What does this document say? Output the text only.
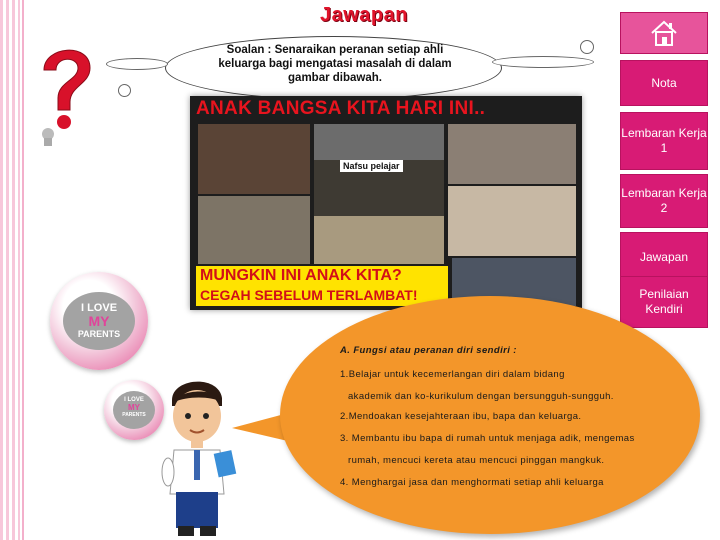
Jawapan
Soalan : Senaraikan peranan setiap ahli
keluarga bagi mengatasi masalah di dalam
gambar dibawah.
ANAK BANGSA KITA HARI INI..
Nafsu pelajar
MUNGKIN INI ANAK KITA?
CEGAH SEBELUM TERLAMBAT!
Nota
Lembaran Kerja 1
Lembaran Kerja 2
Jawapan
Penilaian Kendiri
I LOVE
MY
PARENTS
I LOVE
MY
PARENTS
A. Fungsi atau peranan diri sendiri :
1.Belajar untuk kecemerlangan diri dalam bidang
akademik dan ko-kurikulum dengan bersungguh-sungguh.
2.Mendoakan kesejahteraan ibu, bapa dan keluarga.
3. Membantu ibu bapa di rumah untuk menjaga adik, mengemas
rumah, mencuci kereta atau mencuci pinggan mangkuk.
4. Menghargai jasa dan menghormati setiap ahli keluarga
